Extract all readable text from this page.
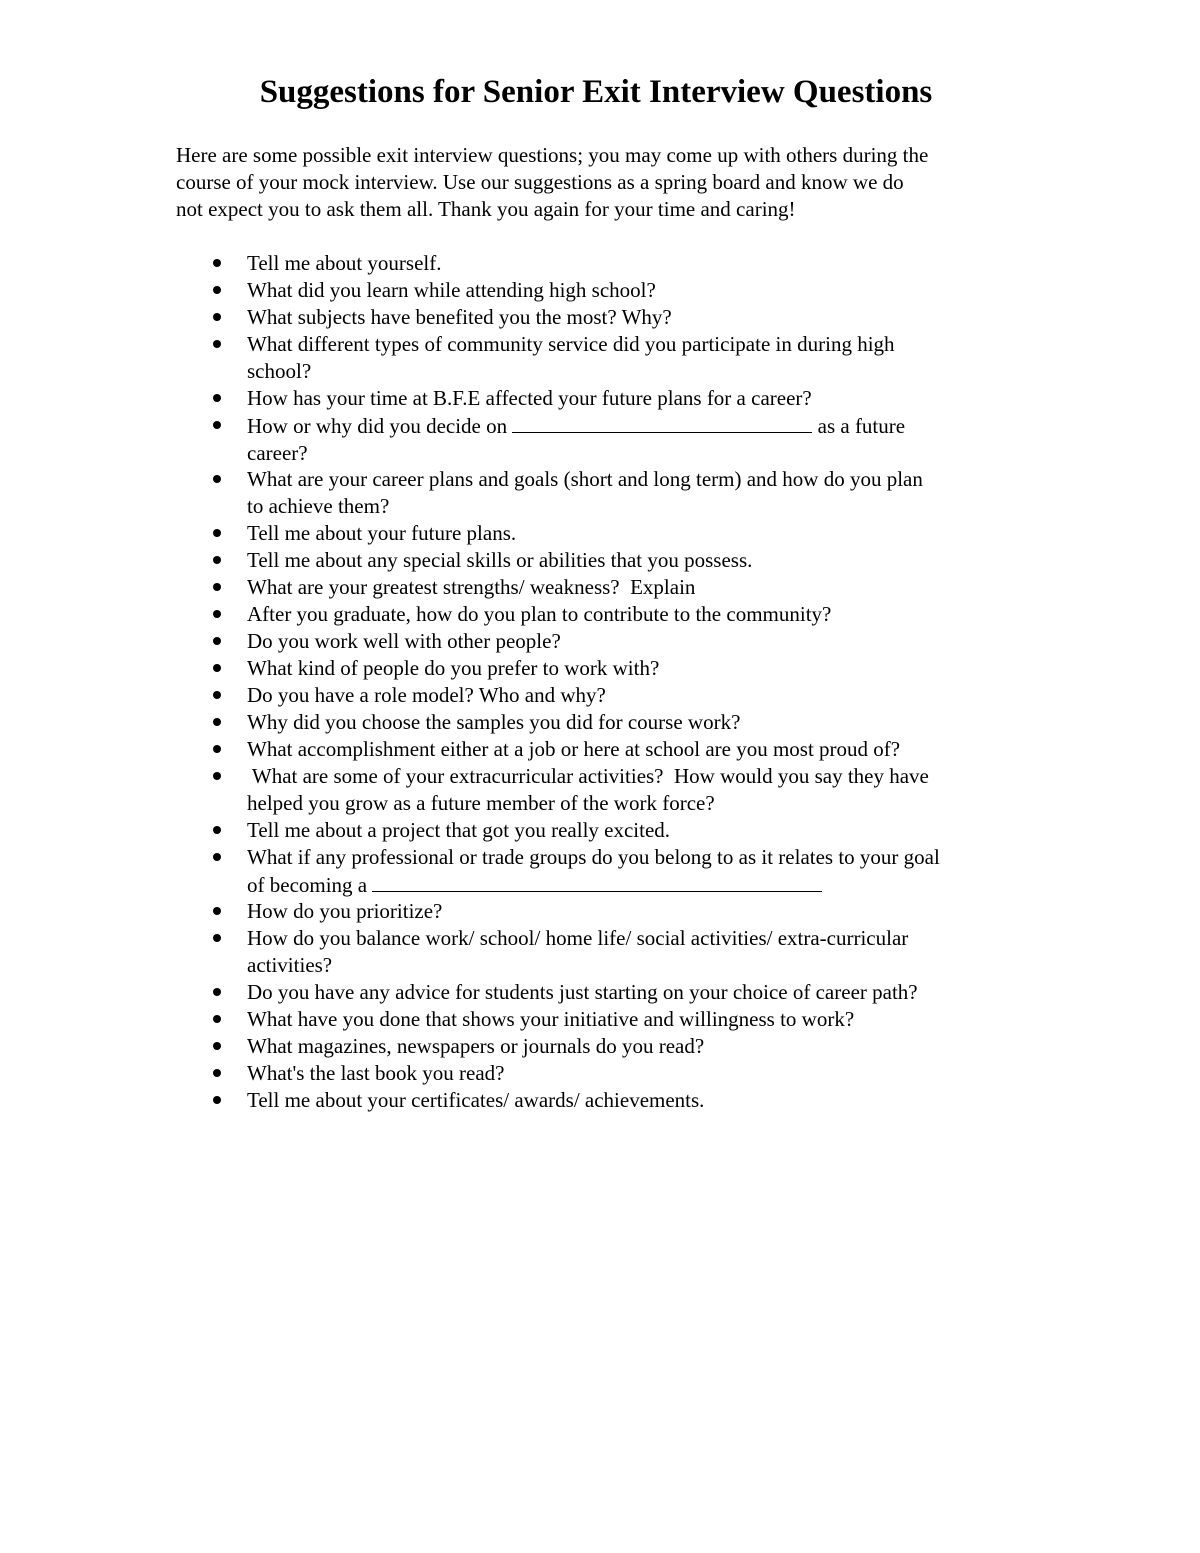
Suggestions for Senior Exit Interview Questions

Here are some possible exit interview questions; you may come up with others during the
course of your mock interview. Use our suggestions as a spring board and know we do
not expect you to ask them all. Thank you again for your time and caring!

Tell me about yourself.
What did you learn while attending high school?
What subjects have benefited you the most? Why?
What different types of community service did you participate in during high
school?
How has your time at B.F.E affected your future plans for a career?
How or why did you decide on	as a future
career?
What are your career plans and goals (short and long term) and how do you plan
to achieve them?
Tell me about your future plans.
Tell me about any special skills or abilities that you possess.
What are your greatest strengths/ weakness?  Explain
After you graduate, how do you plan to contribute to the community?
Do you work well with other people?
What kind of people do you prefer to work with?
Do you have a role model? Who and why?
Why did you choose the samples you did for course work?
What accomplishment either at a job or here at school are you most proud of?
What are some of your extracurricular activities?  How would you say they have
helped you grow as a future member of the work force?
Tell me about a project that got you really excited.
What if any professional or trade groups do you belong to as it relates to your goal
of becoming a
How do you prioritize?
How do you balance work/ school/ home life/ social activities/ extra-curricular
activities?
Do you have any advice for students just starting on your choice of career path?
What have you done that shows your initiative and willingness to work?
What magazines, newspapers or journals do you read?
What's the last book you read?
Tell me about your certificates/ awards/ achievements.
